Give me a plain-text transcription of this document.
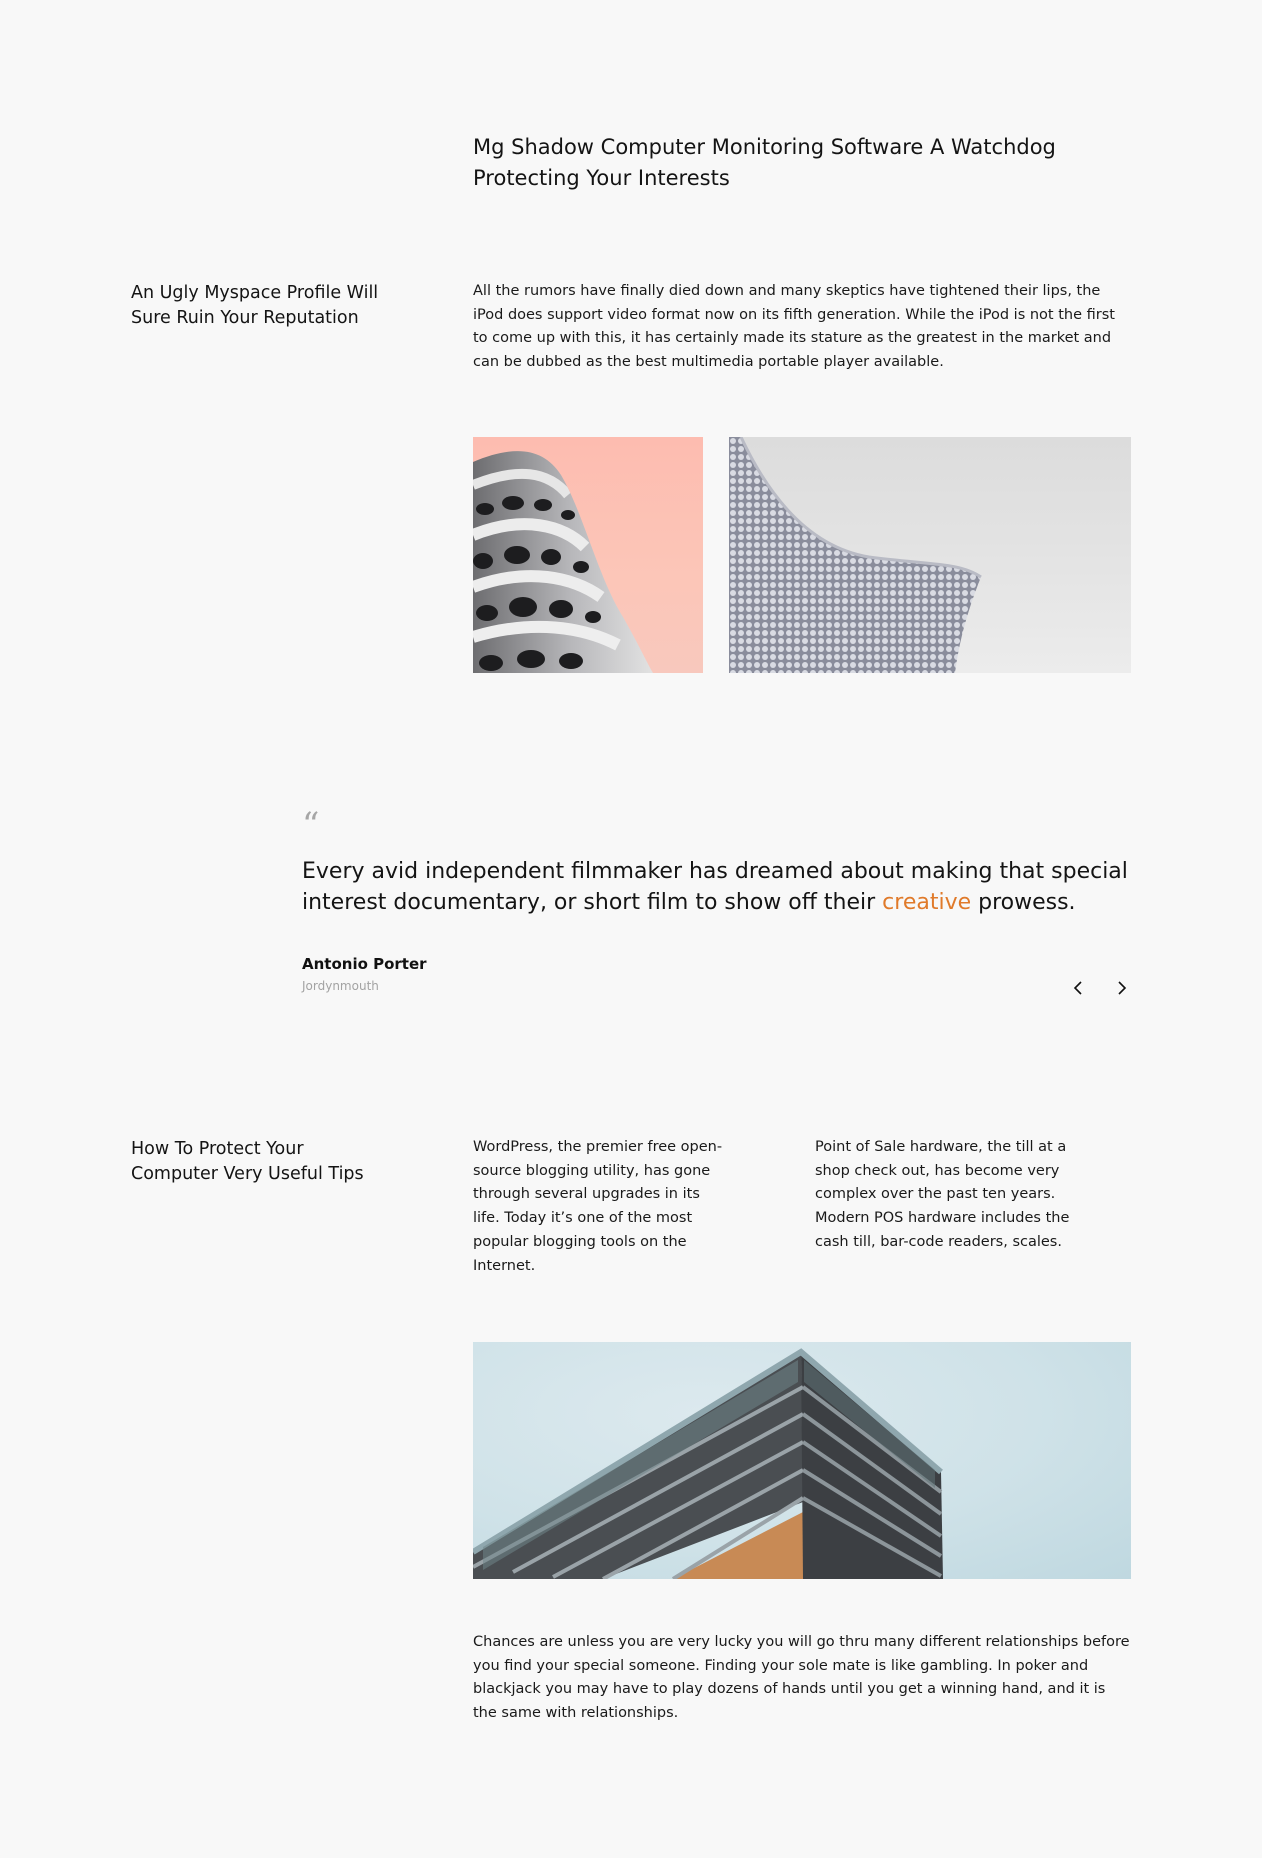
Mg Shadow Computer Monitoring Software A Watchdog Protecting Your Interests
An Ugly Myspace Profile Will Sure Ruin Your Reputation

All the rumors have finally died down and many skeptics have tightened their lips, the iPod does support video format now on its fifth generation. While the iPod is not the first to come up with this, it has certainly made its stature as the greatest in the market and can be dubbed as the best multimedia portable player available.

“

Every avid independent filmmaker has dreamed about making that special interest documentary, or short film to show off their creative prowess.

Antonio Porter
Jordynmouth
How To Protect Your Computer Very Useful Tips

WordPress, the premier free open-source blogging utility, has gone through several upgrades in its life. Today it’s one of the most popular blogging tools on the Internet.

Point of Sale hardware, the till at a shop check out, has become very complex over the past ten years. Modern POS hardware includes the cash till, bar-code readers, scales.

Chances are unless you are very lucky you will go thru many different relationships before you find your special someone. Finding your sole mate is like gambling. In poker and blackjack you may have to play dozens of hands until you get a winning hand, and it is the same with relationships.
